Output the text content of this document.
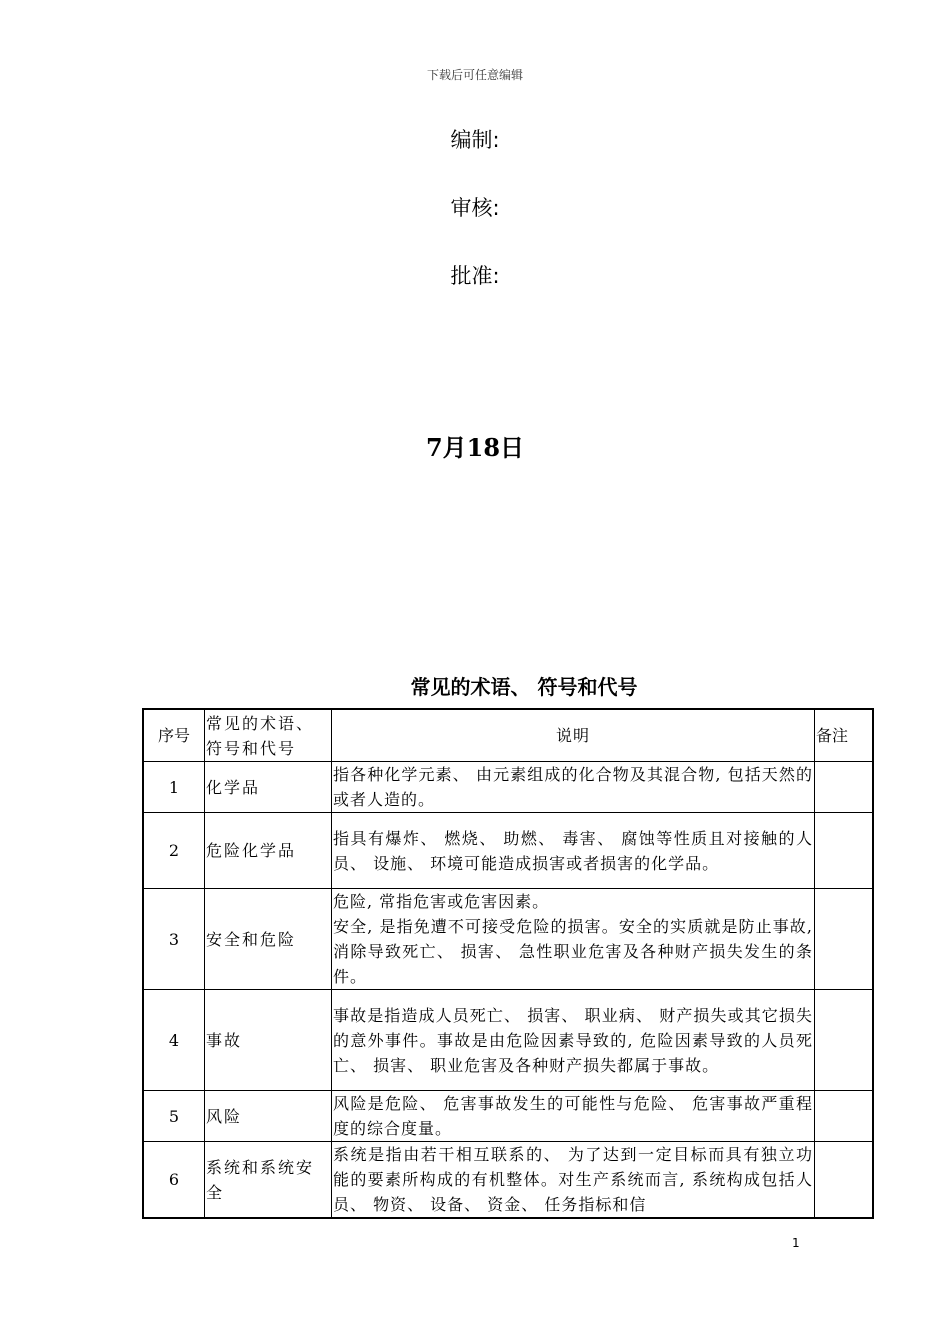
下载后可任意编辑
编制:
审核:
批准:
7月18日
常见的术语、 符号和代号
序号	常见的术语、 符号和代号	说明	备注
1	化学品	指各种化学元素、 由元素组成的化合物及其混合物, 包括天然的或者人造的。	
2	危险化学品	指具有爆炸、 燃烧、 助燃、 毒害、 腐蚀等性质且对接触的人员、 设施、 环境可能造成损害或者损害的化学品。	
3	安全和危险	危险, 常指危害或危害因素。
安全, 是指免遭不可接受危险的损害。安全的实质就是防止事故, 消除导致死亡、 损害、 急性职业危害及各种财产损失发生的条件。	

4	事故	事故是指造成人员死亡、 损害、 职业病、 财产损失或其它损失的意外事件。事故是由危险因素导致的, 危险因素导致的人员死亡、 损害、 职业危害及各种财产损失都属于事故。	
5	风险	风险是危险、 危害事故发生的可能性与危险、 危害事故严重程度的综合度量。	
6	系统和系统安全	系统是指由若干相互联系的、 为了达到一定目标而具有独立功能的要素所构成的有机整体。对生产系统而言, 系统构成包括人员、 物资、 设备、 资金、 任务指标和信	
1
